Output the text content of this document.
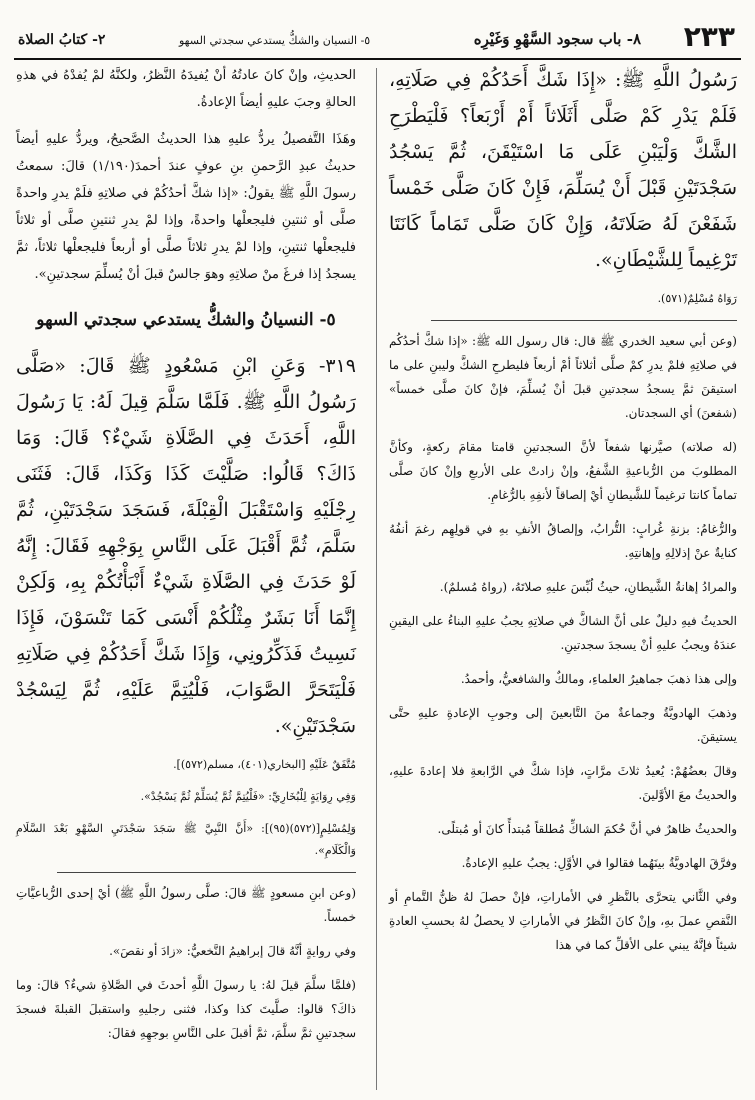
٢٣٣
٨- باب سجود السَّهْوِ وَغَيْرِه
٥- النسيان والشكُّ يستدعي سجدتي السهو
٢- كتابُ الصلاة

رَسُولُ اللَّهِ ﷺ: «إِذَا شَكَّ أَحَدُكُمْ فِي صَلَاتِهِ، فَلَمْ يَدْرِ كَمْ صَلَّى أَثَلَاثاً أَمْ أَرْبَعاً؟ فَلْيَطْرَحِ الشَّكَّ وَلْيَبْنِ عَلَى مَا اسْتَيْقَنَ، ثُمَّ يَسْجُدُ سَجْدَتَيْنِ قَبْلَ أَنْ يُسَلِّمَ، فَإِنْ كَانَ صَلَّى خَمْساً شَفَعْنَ لَهُ صَلَاتَهُ، وَإِنْ كَانَ صَلَّى تَمَاماً كَانَتَا تَرْغِيماً لِلشَّيْطَانِ».

رَوَاهُ مُسْلِمٌ(٥٧١).

(وعن أبي سعيد الخدري ﷺ قال: قال رسول الله ﷺ: «إذا شكَّ أحدُكُم في صلاتِهِ فلمْ يدرِ كمْ صلَّى أثلاثاً أمْ أربعاً فليطرحِ الشكَّ وليبنِ على ما استيقنَ ثمَّ يسجدُ سجدتينِ قبلَ أنْ يُسلِّمَ، فإنْ كانَ صلَّى خمساً» (شفعنَ) أي السجدتان.

(له صلاته) صيَّرنها شفعاً لأنَّ السجدتينِ قامتا مقامَ ركعةٍ، وكأنَّ المطلوبَ من الرُّباعيةِ الشَّفعُ، وإنْ زادتْ على الأربعِ وإنْ كانَ صلَّى تماماً كانتا ترغيماً للشَّيطانِ أيْ إلصاقاً لأنفِهِ بالرُّغامِ.

والرُّغامُ: بزنةِ غُرابٍ: التُّرابُ، وإلصاقُ الأنفِ بهِ في قولِهِم رغمَ أنفُهُ كنايةٌ عنْ إذلالِهِ وإهانتِهِ.

والمرادُ إهانةُ الشَّيطانِ، حيثُ لُبِّسَ عليهِ صلاتَهُ، (رواهُ مُسلمٌ).

الحديثُ فيهِ دليلٌ على أنَّ الشاكَّ في صلاتِهِ يجبُ عليهِ البناءُ على اليقينِ عندَهُ ويجبُ عليهِ أنْ يسجدَ سجدتينِ.

وإلى هذا ذهبَ جماهيرُ العلماءِ، ومالكٌ والشافعيُّ، وأحمدُ.

وذهبَ الهادويَّةُ وجماعةٌ منَ التَّابعينَ إلى وجوبِ الإعادةِ عليهِ حتَّى يستيقنَ.

وقالَ بعضُهُمْ: يُعيدُ ثلاثَ مرَّاتٍ، فإذا شكَّ في الرَّابعةِ فلا إعادةَ عليهِ، والحديثُ معَ الأوَّلينَ.

والحديثُ ظاهرٌ في أنَّ حُكمَ الشاكِّ مُطلقاً مُبتدأً كانَ أو مُبتلًى.

وفرَّقَ الهادويَّةُ بينَهُما فقالوا في الأوَّلِ: يجبُ عليهِ الإعادةُ.

وفي الثَّاني يتحرَّى بالنَّظرِ في الأماراتِ، فإنْ حصلَ لهُ ظنُّ التَّمامِ أو النَّقصِ عملَ بهِ، وإنْ كانَ النَّظرُ في الأماراتِ لا يحصلُ لهُ بحسبِ العادةِ شيئاً فإنَّهُ يبني على الأقلِّ كما في هذا

الحديثِ، وإنْ كانَ عادتُهُ أنْ يُفيدَهُ النَّظرُ، ولكنَّهُ لمْ يُفدْهُ في هذهِ الحالةِ وجبَ عليهِ أيضاً الإعادةُ.

وهَذَا التَّفصيلُ يردُّ عليهِ هذا الحديثُ الصَّحيحُ، ويردُّ عليهِ أيضاً حديثُ عبدِ الرَّحمنِ بنِ عوفٍ عندَ أحمدَ(١/١٩٠) قالَ: سمعتُ رسولَ اللَّهِ ﷺ يقولُ: «إذا شكَّ أحدُكُمْ في صلاتِهِ فلَمْ يدرِ واحدةً صلَّى أو ثنتينِ فليجعلْها واحدةً، وإذا لمْ يدرِ ثنتينِ صلَّى أو ثلاثاً فليجعلْها ثنتينِ، وإذا لمْ يدرِ ثلاثاً صلَّى أو أربعاً فليجعلْها ثلاثاً، ثمَّ يسجدُ إذا فرغَ منْ صلاتِهِ وهوَ جالسٌ قبلَ أنْ يُسلِّمَ سجدتينِ».

٥- النسيانُ والشكُّ يستدعي سجدتي السهو

٣١٩- وَعَنِ ابْنِ مَسْعُودٍ ﷺ قَالَ: «صَلَّى رَسُولُ اللَّهِ ﷺ. فَلَمَّا سَلَّمَ قِيلَ لَهُ: يَا رَسُولَ اللَّهِ، أَحَدَثَ فِي الصَّلَاةِ شَيْءٌ؟ قَالَ: وَمَا ذَاكَ؟ قَالُوا: صَلَّيْتَ كَذَا وَكَذَا، قَالَ: فَثَنَى رِجْلَيْهِ وَاسْتَقْبَلَ الْقِبْلَةَ، فَسَجَدَ سَجْدَتَيْنِ، ثُمَّ سَلَّمَ، ثُمَّ أَقْبَلَ عَلَى النَّاسِ بِوَجْهِهِ فَقَالَ: إِنَّهُ لَوْ حَدَثَ فِي الصَّلَاةِ شَيْءٌ أَنْبَأْتُكُمْ بِهِ، وَلَكِنْ إِنَّمَا أَنَا بَشَرٌ مِثْلُكُمْ أَنْسَى كَمَا تَنْسَوْنَ، فَإِذَا نَسِيتُ فَذَكِّرُونِي، وَإِذَا شَكَّ أَحَدُكُمْ فِي صَلَاتِهِ فَلْيَتَحَرَّ الصَّوَابَ، فَلْيُتِمَّ عَلَيْهِ، ثُمَّ لِيَسْجُدْ سَجْدَتَيْنِ».

مُتَّفَقٌ عَلَيْهِ [البخاري(٤٠١)، مسلم(٥٧٢)].

وَفِي رِوَايَةٍ لِلْبُخَارِيِّ: «فَلْيُتِمَّ ثُمَّ يُسَلِّمْ ثُمَّ يَسْجُدْ».

وَلِمُسْلِمٍ[(٥٧٢)(٩٥)]: «أَنَّ النَّبِيَّ ﷺ سَجَدَ سَجْدَتَيِ السَّهْوِ بَعْدَ السَّلَامِ وَالْكَلَامِ».

(وعن ابنِ مسعودٍ ﷺ قالَ: صلَّى رسولُ اللَّهِ ﷺ) أيْ إحدى الرُّباعيَّاتِ خمساً.

وفي روايةٍ أنَّهُ قالَ إبراهيمُ النَّخعيُّ: «زادَ أو نقصَ».

(فلمَّا سلَّمَ قيلَ لهُ: يا رسولَ اللَّهِ أحدثَ في الصَّلاةِ شيءٌ؟ قالَ: وما ذاكَ؟ قالوا: صلَّيتَ كذا وكذا، فثنى رجليهِ واستقبلَ القبلةَ فسجدَ سجدتينِ ثمَّ سلَّمَ، ثمَّ أقبلَ على النَّاسِ بوجهِهِ فقالَ:
